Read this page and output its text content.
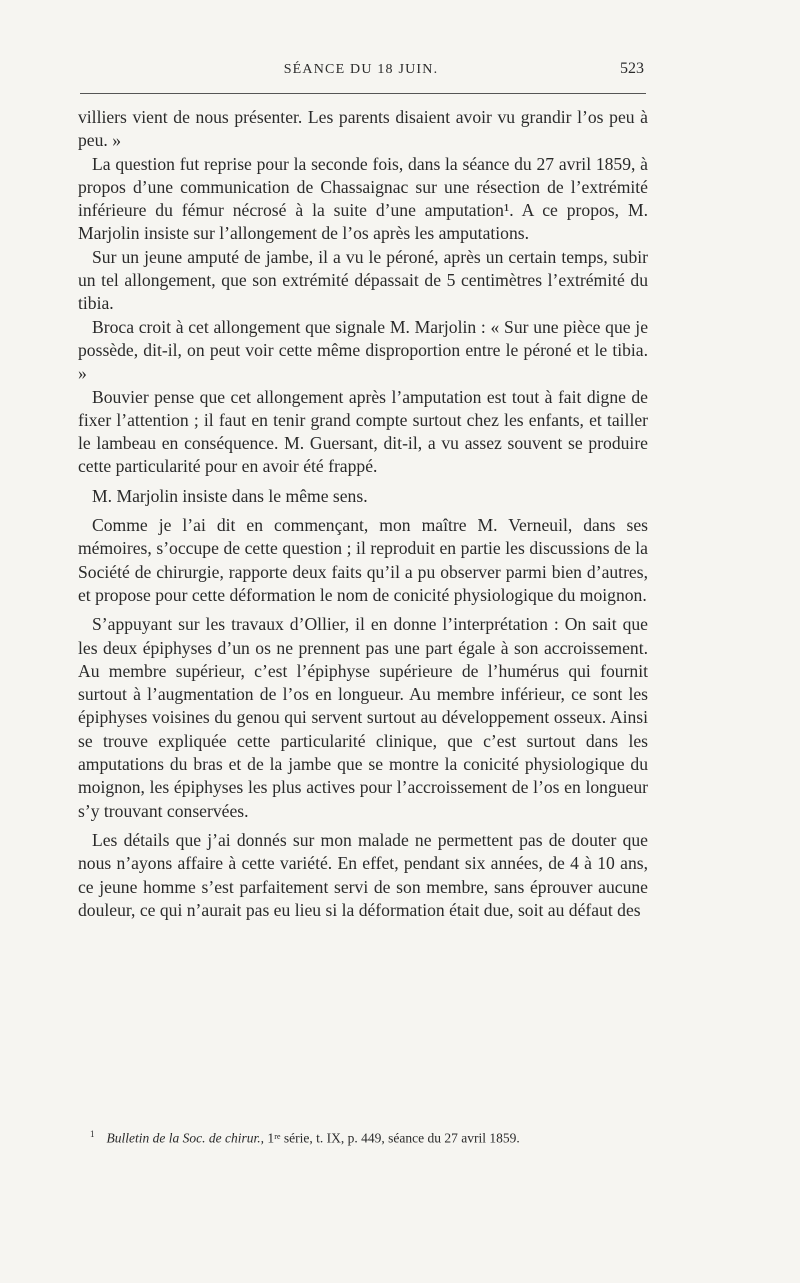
SÉANCE DU 18 JUIN.	523

villiers vient de nous présenter. Les parents disaient avoir vu grandir l’os peu à peu. »

La question fut reprise pour la seconde fois, dans la séance du 27 avril 1859, à propos d’une communication de Chassaignac sur une résection de l’extrémité inférieure du fémur nécrosé à la suite d’une amputation¹. A ce propos, M. Marjolin insiste sur l’allongement de l’os après les amputations.

Sur un jeune amputé de jambe, il a vu le péroné, après un certain temps, subir un tel allongement, que son extrémité dépassait de 5 centimètres l’extrémité du tibia.

Broca croit à cet allongement que signale M. Marjolin : « Sur une pièce que je possède, dit-il, on peut voir cette même disproportion entre le péroné et le tibia. »

Bouvier pense que cet allongement après l’amputation est tout à fait digne de fixer l’attention ; il faut en tenir grand compte surtout chez les enfants, et tailler le lambeau en conséquence. M. Guersant, dit-il, a vu assez souvent se produire cette particularité pour en avoir été frappé.

M. Marjolin insiste dans le même sens.

Comme je l’ai dit en commençant, mon maître M. Verneuil, dans ses mémoires, s’occupe de cette question ; il reproduit en partie les discussions de la Société de chirurgie, rapporte deux faits qu’il a pu observer parmi bien d’autres, et propose pour cette déformation le nom de conicité physiologique du moignon.

S’appuyant sur les travaux d’Ollier, il en donne l’interprétation : On sait que les deux épiphyses d’un os ne prennent pas une part égale à son accroissement. Au membre supérieur, c’est l’épiphyse supérieure de l’humérus qui fournit surtout à l’augmentation de l’os en longueur. Au membre inférieur, ce sont les épiphyses voisines du genou qui servent surtout au développement osseux. Ainsi se trouve expliquée cette particularité clinique, que c’est surtout dans les amputations du bras et de la jambe que se montre la conicité physiologique du moignon, les épiphyses les plus actives pour l’accroissement de l’os en longueur s’y trouvant conservées.

Les détails que j’ai donnés sur mon malade ne permettent pas de douter que nous n’ayons affaire à cette variété. En effet, pendant six années, de 4 à 10 ans, ce jeune homme s’est parfaitement servi de son membre, sans éprouver aucune douleur, ce qui n’aurait pas eu lieu si la déformation était due, soit au défaut des

$^1$ Bulletin de la Soc. de chirur., 1ʳᵉ série, t. IX, p. 449, séance du 27 avril 1859.
